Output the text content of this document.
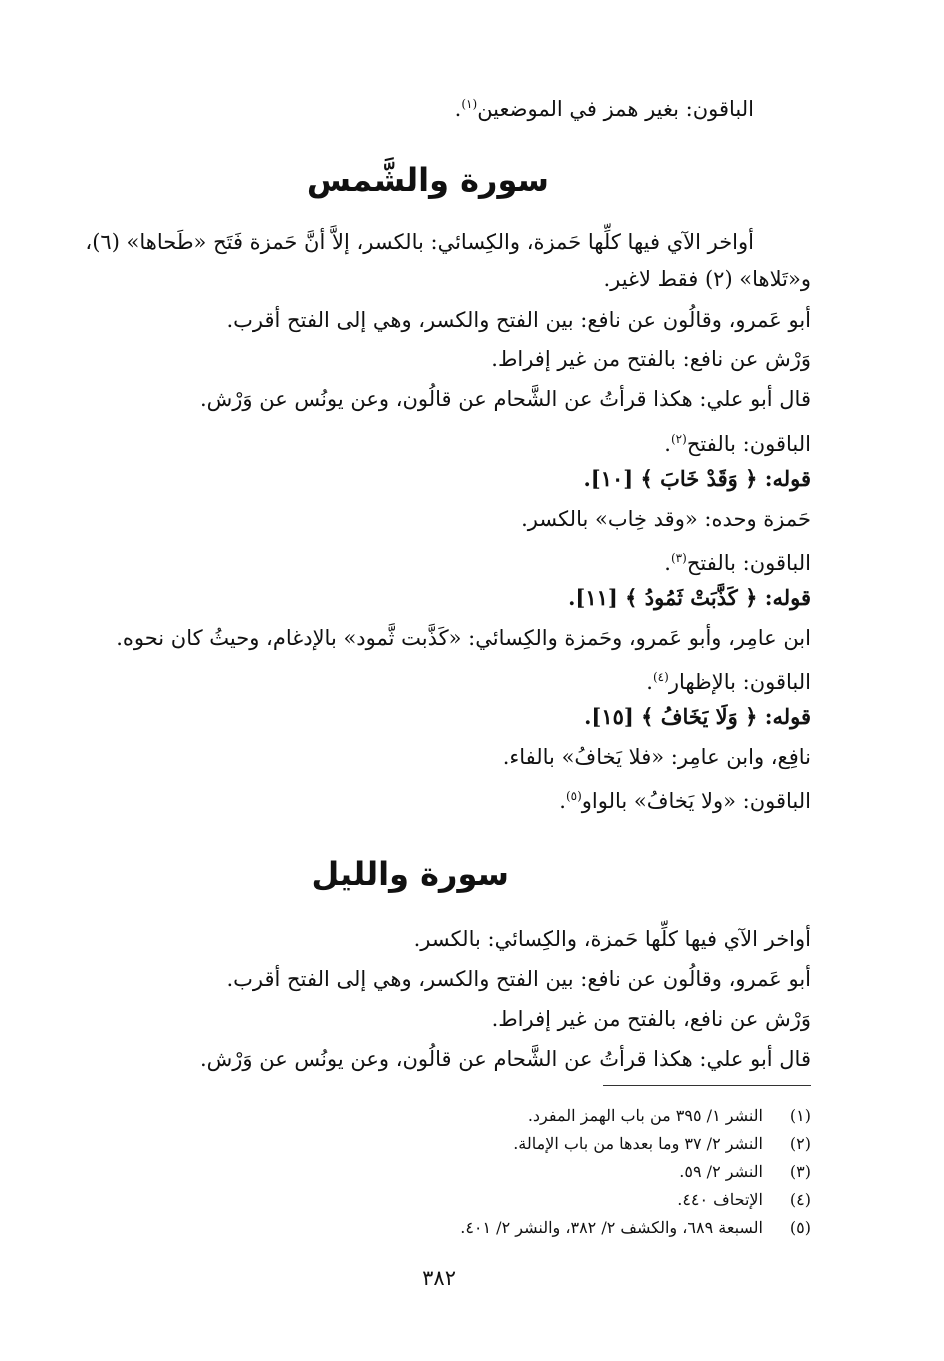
الباقون: بغير همز في الموضعين$^{(١)}$.
سورة والشَّمس
أواخر الآي فيها كلِّها حَمزة، والكِسائي: بالكسر، إلاَّ أنَّ حَمزة فَتَح «طَحاها» (٦)،
و«تَلاها» (٢) فقط لاغير.
أبو عَمرو، وقالُون عن نافع: بين الفتح والكسر، وهي إلى الفتح أقرب.
وَرْش عن نافع: بالفتح من غير إفراط.
قال أبو علي: هكذا قرأتُ عن الشَّحام عن قالُون، وعن يونُس عن وَرْش.
الباقون: بالفتح$^{(٢)}$.
قوله: ﴿ وَقَدْ خَابَ ﴾ [١٠].
حَمزة وحده: «وقد خِاب» بالكسر.
الباقون: بالفتح$^{(٣)}$.
قوله: ﴿ كَذَّبَتْ ثَمُودُ ﴾ [١١].
ابن عامِر، وأبو عَمرو، وحَمزة والكِسائي: «كَذَّبت ثَّمود» بالإدغام، وحيثُ كان نحوه.
الباقون: بالإظهار$^{(٤)}$.
قوله: ﴿ وَلَا يَخَافُ ﴾ [١٥].
نافِع، وابن عامِر: «فلا يَخافُ» بالفاء.
الباقون: «ولا يَخافُ» بالواو$^{(٥)}$.
سورة والليل
أواخر الآي فيها كلِّها حَمزة، والكِسائي: بالكسر.
أبو عَمرو، وقالُون عن نافع: بين الفتح والكسر، وهي إلى الفتح أقرب.
وَرْش عن نافع، بالفتح من غير إفراط.
قال أبو علي: هكذا قرأتُ عن الشَّحام عن قالُون، وعن يونُس عن وَرْش.
(١)النشر ١/ ٣٩٥ من باب الهمز المفرد.
(٢)النشر ٢/ ٣٧ وما بعدها من باب الإمالة.
(٣)النشر ٢/ ٥٩.
(٤)الإتحاف ٤٤٠.
(٥)السبعة ٦٨٩، والكشف ٢/ ٣٨٢، والنشر ٢/ ٤٠١.
٣٨٢
